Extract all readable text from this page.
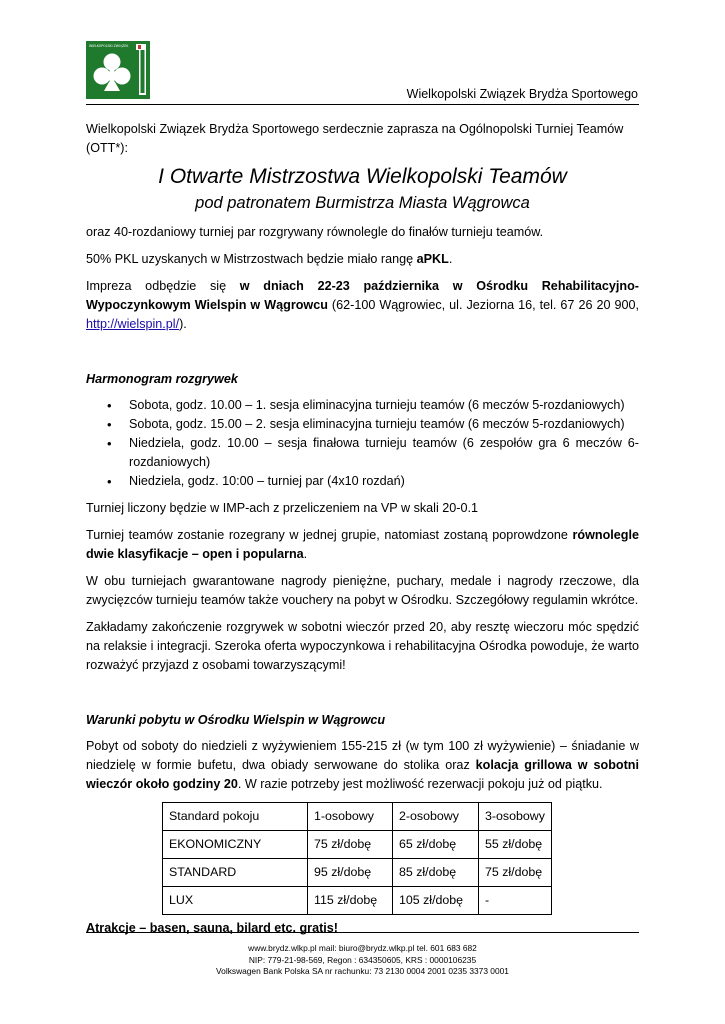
WIELKOPOLSKI ZWIĄZEK
Wielkopolski Związek Brydża Sportowego

Wielkopolski Związek Brydża Sportowego serdecznie zaprasza na Ogólnopolski Turniej Teamów (OTT*):

I Otwarte Mistrzostwa Wielkopolski Teamów
pod patronatem Burmistrza Miasta Wągrowca

oraz 40-rozdaniowy turniej par rozgrywany równolegle do finałów turnieju teamów.

50% PKL uzyskanych w Mistrzostwach będzie miało rangę aPKL.

Impreza odbędzie się w dniach 22-23 października w Ośrodku Rehabilitacyjno-Wypoczynkowym Wielspin w Wągrowcu (62-100 Wągrowiec, ul. Jeziorna 16, tel. 67 26 20 900, http://wielspin.pl/).

Harmonogram rozgrywek

• Sobota, godz. 10.00 – 1. sesja eliminacyjna turnieju teamów (6 meczów 5-rozdaniowych)
• Sobota, godz. 15.00 – 2. sesja eliminacyjna turnieju teamów (6 meczów 5-rozdaniowych)
• Niedziela, godz. 10.00 – sesja finałowa turnieju teamów (6 zespołów gra 6 meczów 6-rozdaniowych)
• Niedziela, godz. 10:00 – turniej par (4x10 rozdań)

Turniej liczony będzie w IMP-ach z przeliczeniem na VP w skali 20-0.1

Turniej teamów zostanie rozegrany w jednej grupie, natomiast zostaną poprowdzone równolegle dwie klasyfikacje – open i popularna.

W obu turniejach gwarantowane nagrody pieniężne, puchary, medale i nagrody rzeczowe, dla zwycięzców turnieju teamów także vouchery na pobyt w Ośrodku. Szczegółowy regulamin wkrótce.

Zakładamy zakończenie rozgrywek w sobotni wieczór przed 20, aby resztę wieczoru móc spędzić na relaksie i integracji. Szeroka oferta wypoczynkowa i rehabilitacyjna Ośrodka powoduje, że warto rozważyć przyjazd z osobami towarzyszącymi!

Warunki pobytu w Ośrodku Wielspin w Wągrowcu

Pobyt od soboty do niedzieli z wyżywieniem 155-215 zł (w tym 100 zł wyżywienie) – śniadanie w niedzielę w formie bufetu, dwa obiady serwowane do stolika oraz kolacja grillowa w sobotni wieczór około godziny 20. W razie potrzeby jest możliwość rezerwacji pokoju już od piątku.

Standard pokoju	1-osobowy	2-osobowy	3-osobowy
EKONOMICZNY	75 zł/dobę	65 zł/dobę	55 zł/dobę
STANDARD	95 zł/dobę	85 zł/dobę	75 zł/dobę
LUX	115 zł/dobę	105 zł/dobę	-

Atrakcje – basen, sauna, bilard etc. gratis!

www.brydz.wlkp.pl mail: biuro@brydz.wlkp.pl tel. 601 683 682
NIP: 779-21-98-569, Regon : 634350605, KRS : 0000106235
Volkswagen Bank Polska SA nr rachunku: 73 2130 0004 2001 0235 3373 0001
